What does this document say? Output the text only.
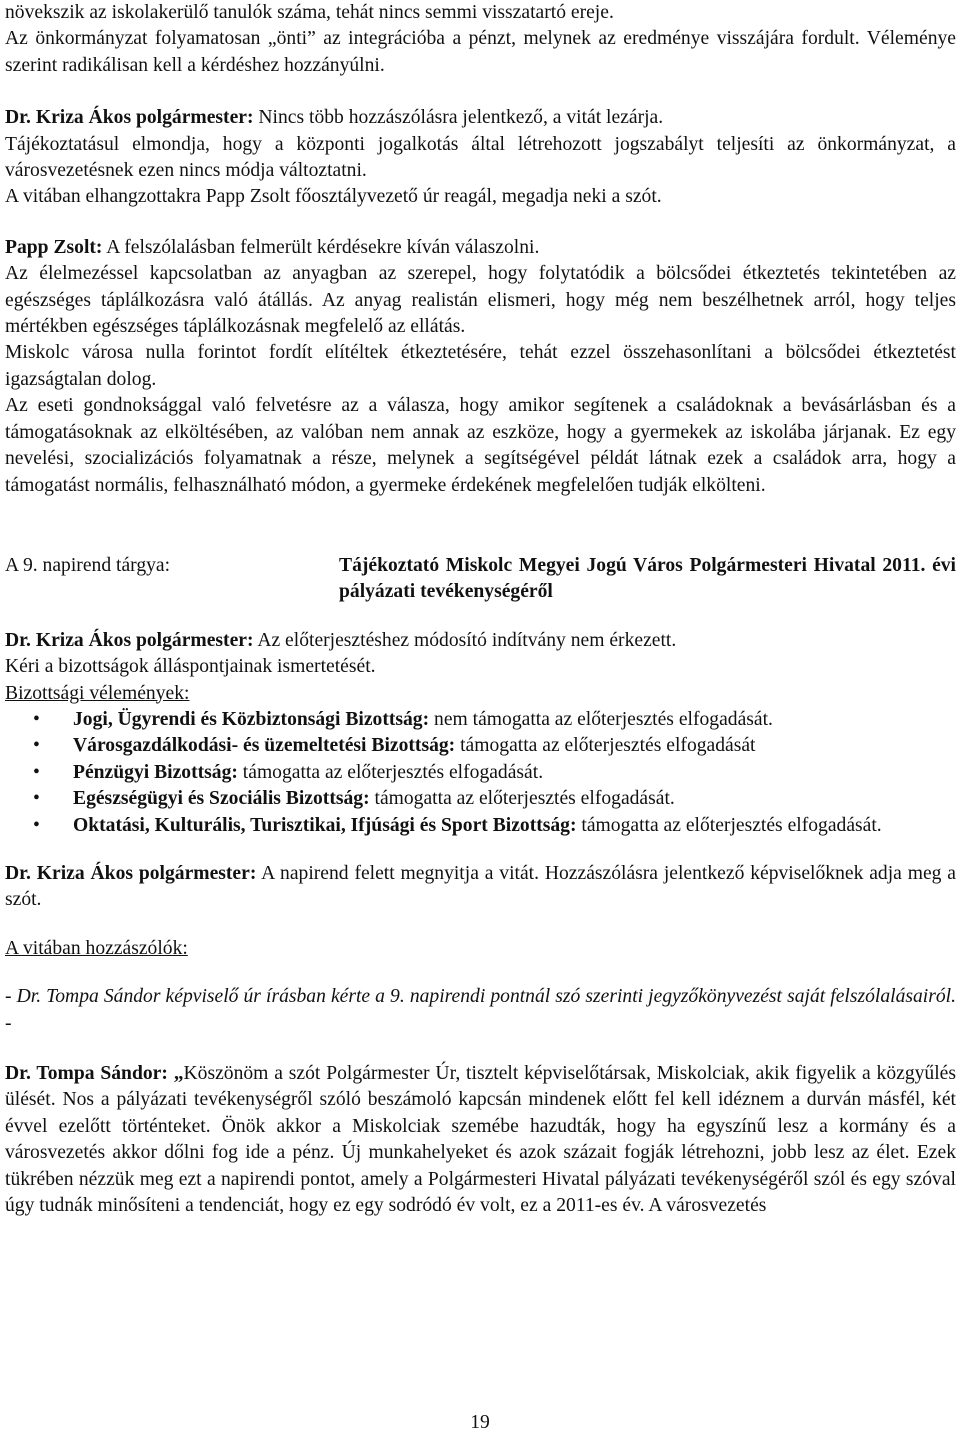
növekszik az iskolakerülő tanulók száma, tehát nincs semmi visszatartó ereje.

Az önkormányzat folyamatosan „önti” az integrációba a pénzt, melynek az eredménye visszájára fordult. Véleménye szerint radikálisan kell a kérdéshez hozzányúlni.

Dr. Kriza Ákos polgármester: Nincs több hozzászólásra jelentkező, a vitát lezárja.

Tájékoztatásul elmondja, hogy a központi jogalkotás által létrehozott jogszabályt teljesíti az önkormányzat, a városvezetésnek ezen nincs módja változtatni.

A vitában elhangzottakra Papp Zsolt főosztályvezető úr reagál, megadja neki a szót.

Papp Zsolt: A felszólalásban felmerült kérdésekre kíván válaszolni.

Az élelmezéssel kapcsolatban az anyagban az szerepel, hogy folytatódik a bölcsődei étkeztetés tekintetében az egészséges táplálkozásra való átállás. Az anyag realistán elismeri, hogy még nem beszélhetnek arról, hogy teljes mértékben egészséges táplálkozásnak megfelelő az ellátás.

Miskolc városa nulla forintot fordít elítéltek étkeztetésére, tehát ezzel összehasonlítani a bölcsődei étkeztetést igazságtalan dolog.

Az eseti gondnoksággal való felvetésre az a válasza, hogy amikor segítenek a családoknak a bevásárlásban és a támogatásoknak az elköltésében, az valóban nem annak az eszköze, hogy a gyermekek az iskolába járjanak. Ez egy nevelési, szocializációs folyamatnak a része, melynek a segítségével példát látnak ezek a családok arra, hogy a támogatást normális, felhasználható módon, a gyermeke érdekének megfelelően tudják elkölteni.

A 9. napirend tárgya:	Tájékoztató Miskolc Megyei Jogú Város Polgármesteri Hivatal 2011. évi pályázati tevékenységéről

Dr. Kriza Ákos polgármester: Az előterjesztéshez módosító indítvány nem érkezett.

Kéri a bizottságok álláspontjainak ismertetését.

Bizottsági vélemények:

• Jogi, Ügyrendi és Közbiztonsági Bizottság: nem támogatta az előterjesztés elfogadását.
• Városgazdálkodási- és üzemeltetési Bizottság: támogatta az előterjesztés elfogadását
• Pénzügyi Bizottság: támogatta az előterjesztés elfogadását.
• Egészségügyi és Szociális Bizottság: támogatta az előterjesztés elfogadását.
• Oktatási, Kulturális, Turisztikai, Ifjúsági és Sport Bizottság: támogatta az előterjesztés elfogadását.

Dr. Kriza Ákos polgármester: A napirend felett megnyitja a vitát. Hozzászólásra jelentkező képviselőknek adja meg a szót.

A vitában hozzászólók:

- Dr. Tompa Sándor képviselő úr írásban kérte a 9. napirendi pontnál szó szerinti jegyzőkönyvezést saját felszólalásairól. -

Dr. Tompa Sándor: „Köszönöm a szót Polgármester Úr, tisztelt képviselőtársak, Miskolciak, akik figyelik a közgyűlés ülését. Nos a pályázati tevékenységről szóló beszámoló kapcsán mindenek előtt fel kell idéznem a durván másfél, két évvel ezelőtt történteket. Önök akkor a Miskolciak szemébe hazudták, hogy ha egyszínű lesz a kormány és a városvezetés akkor dőlni fog ide a pénz. Új munkahelyeket és azok százait fogják létrehozni, jobb lesz az élet. Ezek tükrében nézzük meg ezt a napirendi pontot, amely a Polgármesteri Hivatal pályázati tevékenységéről szól és egy szóval úgy tudnák minősíteni a tendenciát, hogy ez egy sodródó év volt, ez a 2011-es év. A városvezetés

19
